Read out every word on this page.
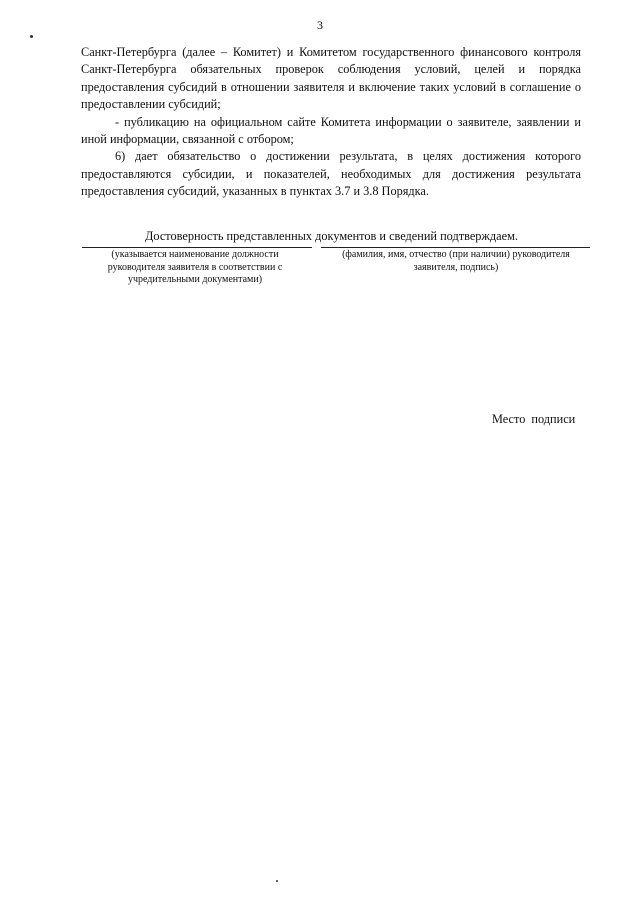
3

Санкт-Петербурга (далее – Комитет) и Комитетом государственного финансового контроля Санкт-Петербурга обязательных проверок соблюдения условий, целей и порядка предоставления субсидий в отношении заявителя и включение таких условий в соглашение о предоставлении субсидий;

- публикацию на официальном сайте Комитета информации о заявителе, заявлении и иной информации, связанной с отбором;

6) дает обязательство о достижении результата, в целях достижения которого предоставляются субсидии, и показателей, необходимых для достижения результата предоставления субсидий, указанных в пунктах 3.7 и 3.8 Порядка.

Достоверность представленных документов и сведений подтверждаем.
(указывается наименование должности руководителя заявителя в соответствии с учредительными документами)
(фамилия, имя, отчество (при наличии) руководителя заявителя, подпись)
Место подписи
